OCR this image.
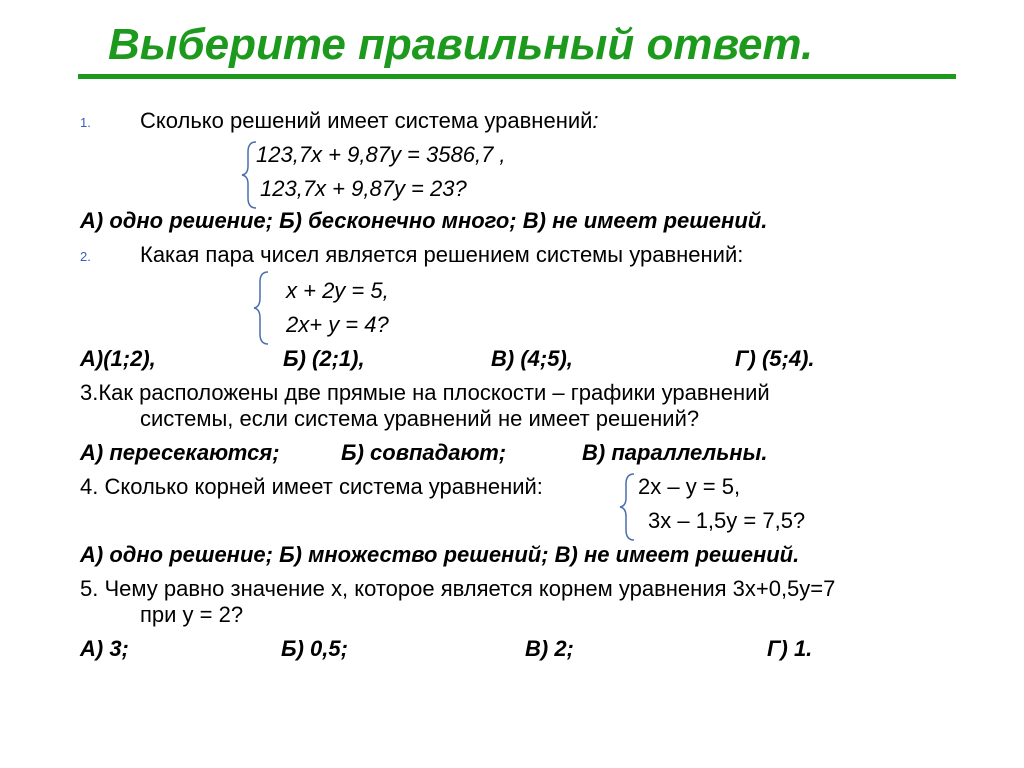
Выберите правильный ответ.
1. Сколько решений имеет система уравнений:
123,7х + 9,87у = 3586,7 ,
123,7х + 9,87у = 23?
А) одно решение; Б) бесконечно много; В) не имеет решений.
2. Какая пара чисел является решением системы уравнений:
х + 2у = 5,
2х+ у = 4?
А)(1;2),	Б) (2;1),	В) (4;5),	Г) (5;4).
3.Как расположены две прямые на плоскости – графики уравнений
системы, если система уравнений не имеет решений?
А) пересекаются;	Б) совпадают;	В) параллельны.
4. Сколько корней имеет система уравнений:	2х – у = 5,
3х – 1,5у = 7,5?
А) одно решение; Б) множество решений; В) не имеет решений.
5. Чему равно значение х, которое является корнем уравнения 3х+0,5у=7
при у = 2?
А) 3;	Б) 0,5;	В) 2;	Г) 1.
